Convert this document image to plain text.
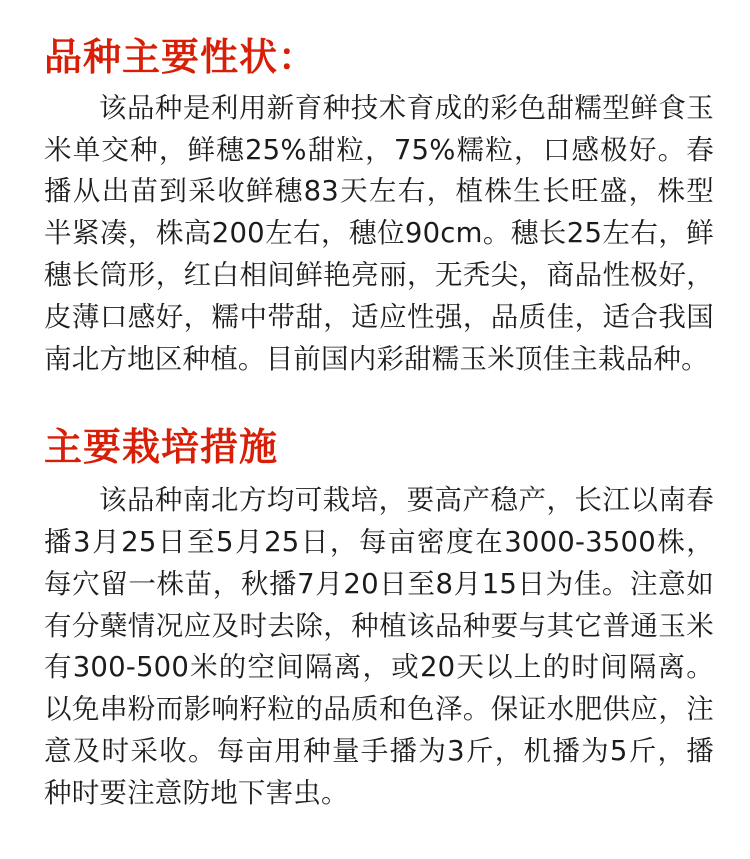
品种主要性状：

该品种是利用新育种技术育成的彩色甜糯型鲜食玉米单交种，鲜穗25%甜粒，75%糯粒，口感极好。春播从出苗到采收鲜穗83天左右，植株生长旺盛，株型半紧凑，株高200左右，穗位90cm。穗长25左右，鲜穗长筒形，红白相间鲜艳亮丽，无秃尖，商品性极好，皮薄口感好，糯中带甜，适应性强，品质佳，适合我国南北方地区种植。目前国内彩甜糯玉米顶佳主栽品种。

主要栽培措施

该品种南北方均可栽培，要高产稳产，长江以南春播3月25日至5月25日，每亩密度在3000-3500株，每穴留一株苗，秋播7月20日至8月15日为佳。注意如有分蘖情况应及时去除，种植该品种要与其它普通玉米有300-500米的空间隔离，或20天以上的时间隔离。以免串粉而影响籽粒的品质和色泽。保证水肥供应，注意及时采收。每亩用种量手播为3斤，机播为5斤，播种时要注意防地下害虫。
